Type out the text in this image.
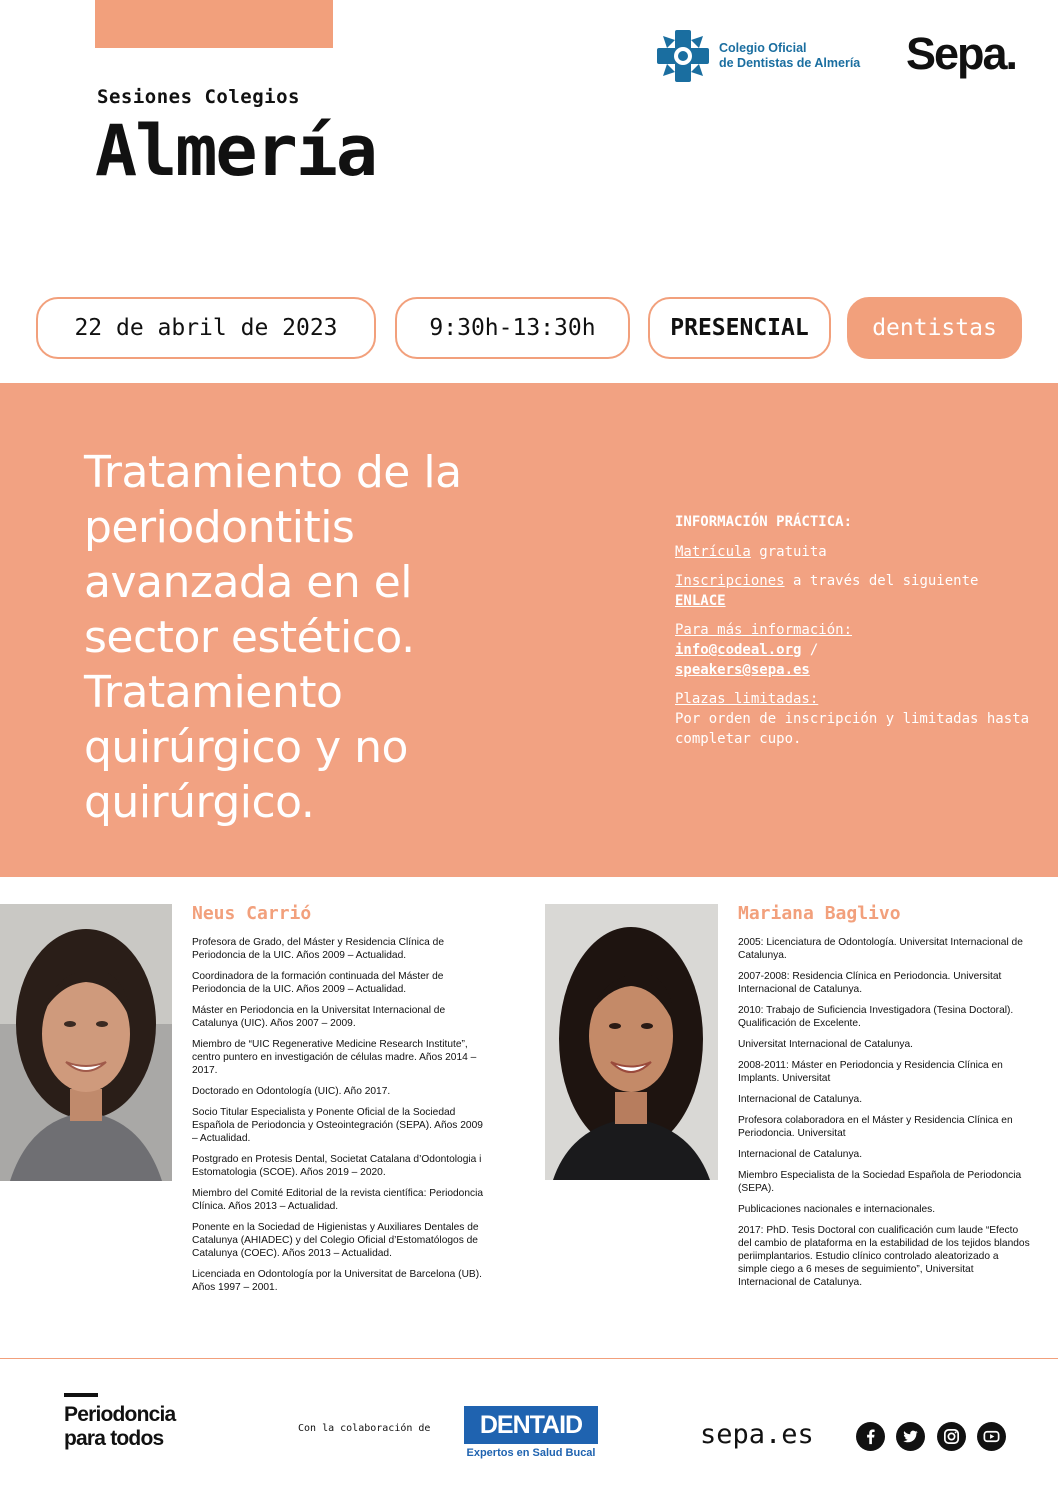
Sesiones Colegios
Almería
Colegio Oficial
de Dentistas de Almería Sepa.
22 de abril de 2023	9:30h-13:30h	PRESENCIAL	dentistas
Tratamiento de la periodontitis avanzada en el sector estético. Tratamiento quirúrgico y no quirúrgico.
INFORMACIÓN PRÁCTICA:
Matrícula gratuita
Inscripciones a través del siguiente
ENLACE
Para más información:
info@codeal.org /
speakers@sepa.es
Plazas limitadas:
Por orden de inscripción y limitadas hasta completar cupo.
Neus Carrió

Profesora de Grado, del Máster y Residencia Clínica de Periodoncia de la UIC. Años 2009 – Actualidad.

Coordinadora de la formación continuada del Máster de Periodoncia de la UIC. Años 2009 – Actualidad.

Máster en Periodoncia en la Universitat Internacional de Catalunya (UIC). Años 2007 – 2009.

Miembro de “UIC Regenerative Medicine Research Institute”, centro puntero en investigación de células madre. Años 2014 – 2017.

Doctorado en Odontología (UIC). Año 2017.

Socio Titular Especialista y Ponente Oficial de la Sociedad Española de Periodoncia y Osteointegración (SEPA). Años 2009 – Actualidad.

Postgrado en Protesis Dental, Societat Catalana d’Odontologia i Estomatologia (SCOE). Años 2019 – 2020.

Miembro del Comité Editorial de la revista científica: Periodoncia Clínica. Años 2013 – Actualidad.

Ponente en la Sociedad de Higienistas y Auxiliares Dentales de Catalunya (AHIADEC) y del Colegio Oficial d’Estomatólogos de Catalunya (COEC). Años 2013 – Actualidad.

Licenciada en Odontología por la Universitat de Barcelona (UB). Años 1997 – 2001.

Mariana Baglivo

2005: Licenciatura de Odontología. Universitat Internacional de Catalunya.

2007-2008: Residencia Clínica en Periodoncia. Universitat Internacional de Catalunya.

2010: Trabajo de Suficiencia Investigadora (Tesina Doctoral). Qualificación de Excelente.

Universitat Internacional de Catalunya.

2008-2011: Máster en Periodoncia y Residencia Clínica en Implants. Universitat

Internacional de Catalunya.

Profesora colaboradora en el Máster y Residencia Clínica en Periodoncia. Universitat

Internacional de Catalunya.

Miembro Especialista de la Sociedad Española de Periodoncia (SEPA).

Publicaciones nacionales e internacionales.

2017: PhD. Tesis Doctoral con cualificación cum laude “Efecto del cambio de plataforma en la estabilidad de los tejidos blandos periimplantarios. Estudio clínico controlado aleatorizado a simple ciego a 6 meses de seguimiento”, Universitat Internacional de Catalunya.

Periodoncia
para todos	Con la colaboración de	DENTAID
Expertos en Salud Bucal
sepa.es
